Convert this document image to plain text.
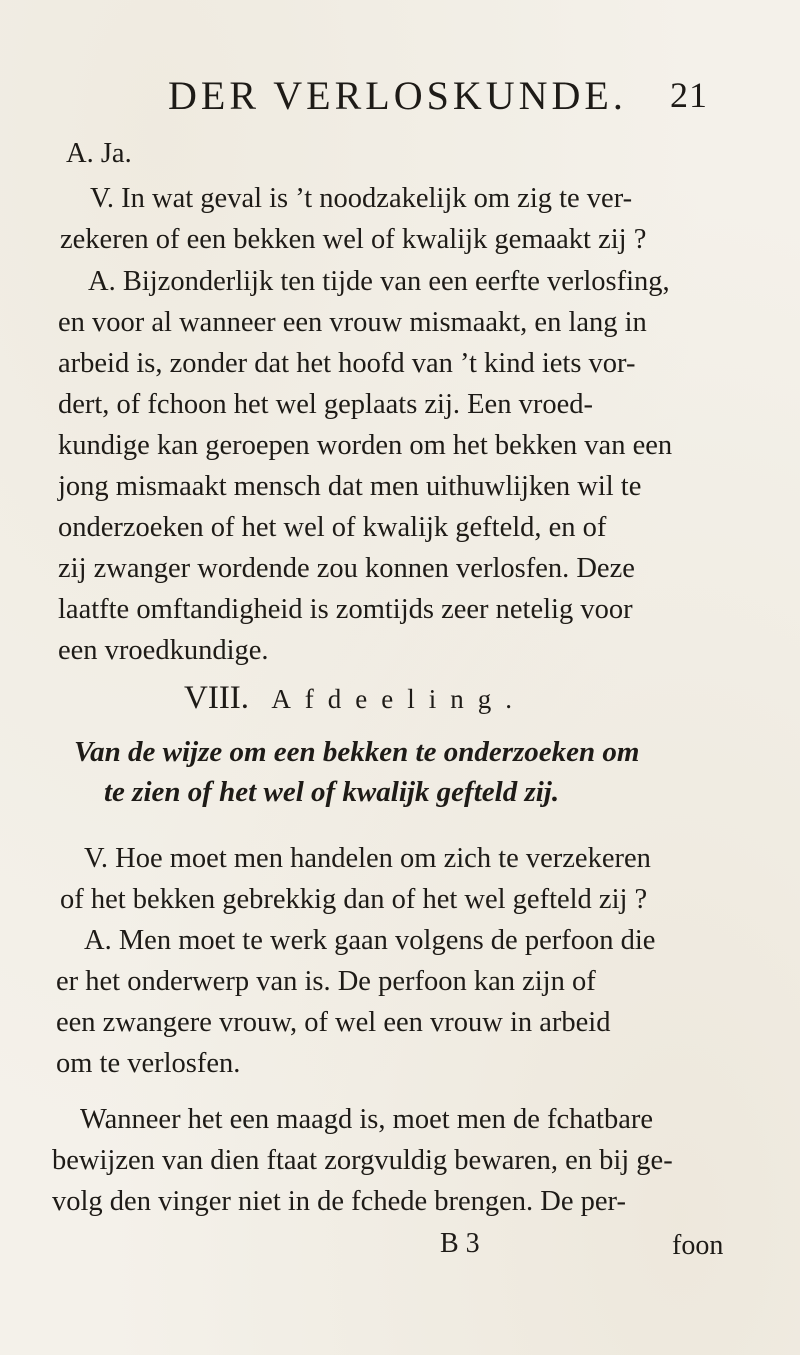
DER VERLOSKUNDE. 21
A. Ja.
V. In wat geval is ’t noodzakelijk om zig te ver-
zekeren of een bekken wel of kwalijk gemaakt zij ?
A. Bijzonderlijk ten tijde van een eerfte verlosfing,
en voor al wanneer een vrouw mismaakt, en lang in
arbeid is, zonder dat het hoofd van ’t kind iets vor-
dert, of fchoon het wel geplaats zij. Een vroed-
kundige kan geroepen worden om het bekken van een
jong mismaakt mensch dat men uithuwlijken wil te
onderzoeken of het wel of kwalijk gefteld, en of
zij zwanger wordende zou konnen verlosfen. Deze
laatfte omftandigheid is zomtijds zeer netelig voor
een vroedkundige.
VIII. Afdeeling.
Van de wijze om een bekken te onderzoeken om
te zien of het wel of kwalijk gefteld zij.
V. Hoe moet men handelen om zich te verzekeren
of het bekken gebrekkig dan of het wel gefteld zij ?
A. Men moet te werk gaan volgens de perfoon die
er het onderwerp van is. De perfoon kan zijn of
een zwangere vrouw, of wel een vrouw in arbeid
om te verlosfen.
Wanneer het een maagd is, moet men de fchatbare
bewijzen van dien ftaat zorgvuldig bewaren, en bij ge-
volg den vinger niet in de fchede brengen. De per-
B 3	foon
